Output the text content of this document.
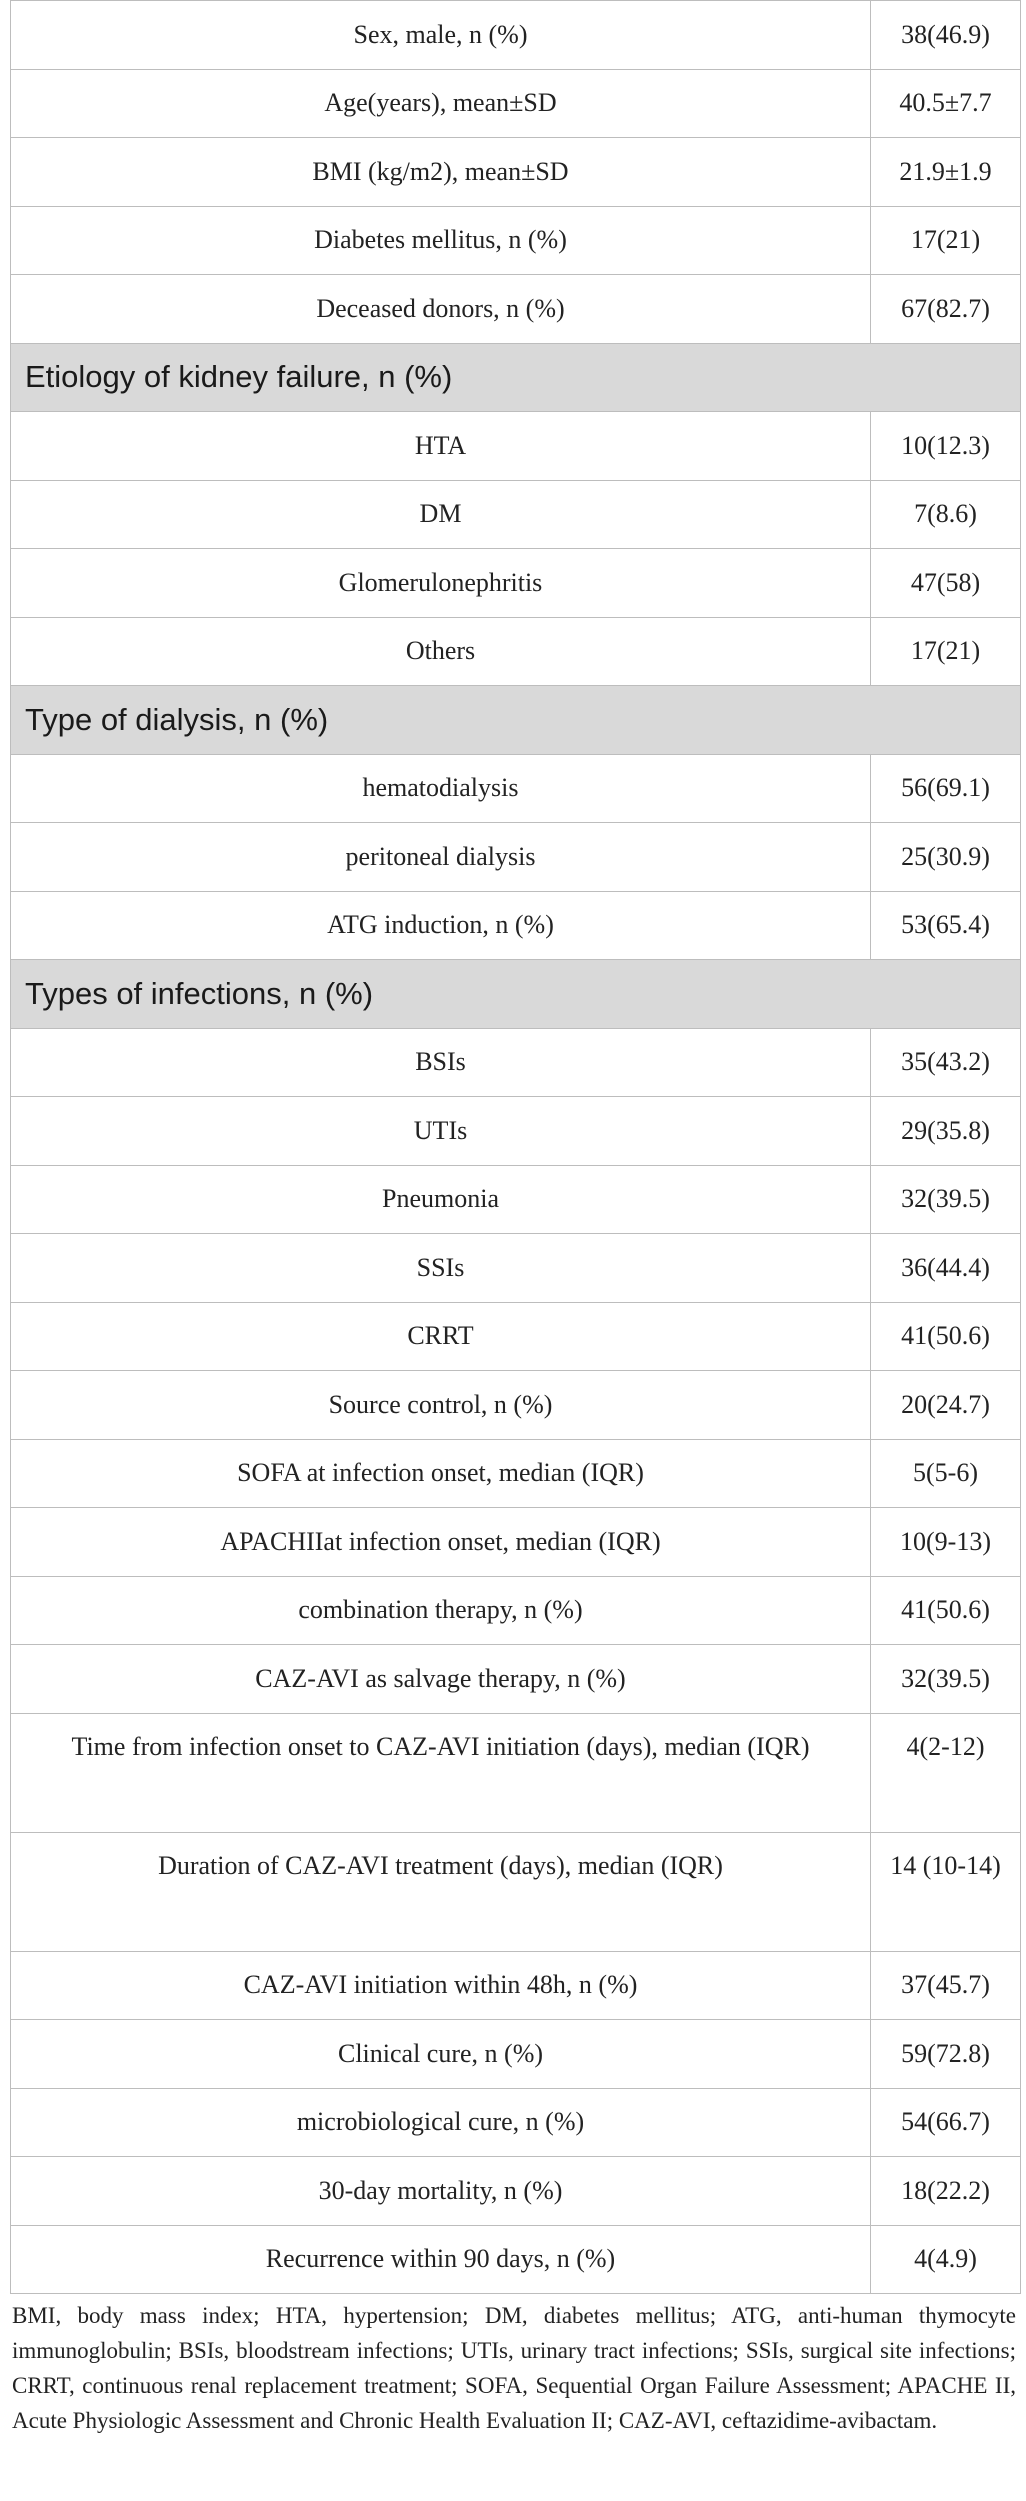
Sex, male, n (%)	38(46.9)
Age(years), mean±SD	40.5±7.7
BMI (kg/m2), mean±SD	21.9±1.9
Diabetes mellitus, n (%)	17(21)
Deceased donors, n (%)	67(82.7)
Etiology of kidney failure, n (%)	
HTA	10(12.3)
DM	7(8.6)
Glomerulonephritis	47(58)
Others	17(21)
Type of dialysis, n (%)	
hematodialysis	56(69.1)
peritoneal dialysis	25(30.9)
ATG induction, n (%)	53(65.4)
Types of infections, n (%)	
BSIs	35(43.2)
UTIs	29(35.8)
Pneumonia	32(39.5)
SSIs	36(44.4)
CRRT	41(50.6)
Source control, n (%)	20(24.7)
SOFA at infection onset, median (IQR)	5(5-6)
APACHIIat infection onset, median (IQR)	10(9-13)
combination therapy, n (%)	41(50.6)
CAZ-AVI as salvage therapy, n (%)	32(39.5)
Time from infection onset to CAZ-AVI initiation (days), median (IQR)	4(2-12)
Duration of CAZ-AVI treatment (days), median (IQR)	14 (10-14)
CAZ-AVI initiation within 48h, n (%)	37(45.7)
Clinical cure, n (%)	59(72.8)
microbiological cure, n (%)	54(66.7)
30-day mortality, n (%)	18(22.2)
Recurrence within 90 days, n (%)	4(4.9)
BMI, body mass index; HTA, hypertension; DM, diabetes mellitus; ATG, anti-human thymocyte immunoglobulin; BSIs, bloodstream infections; UTIs, urinary tract infections; SSIs, surgical site infections; CRRT, continuous renal replacement treatment; SOFA, Sequential Organ Failure Assessment; APACHE II, Acute Physiologic Assessment and Chronic Health Evaluation II; CAZ-AVI, ceftazidime-avibactam.
